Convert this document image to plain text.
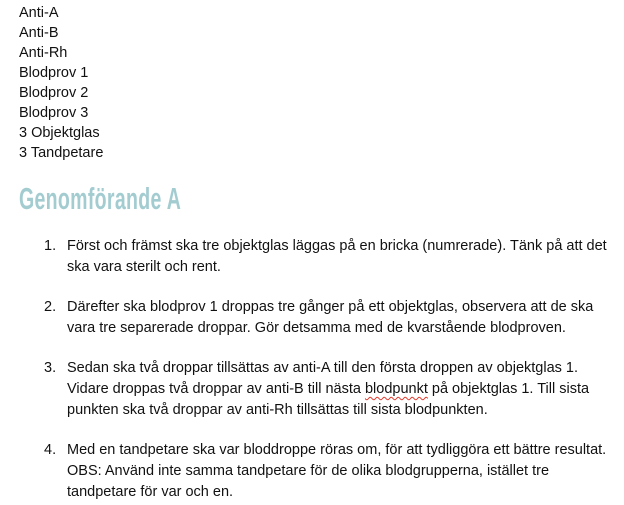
Anti-A
Anti-B
Anti-Rh
Blodprov 1
Blodprov 2
Blodprov 3
3 Objektglas
3 Tandpetare
Genomförande A
1. Först och främst ska tre objektglas läggas på en bricka (numrerade). Tänk på att det ska vara sterilt och rent.
2. Därefter ska blodprov 1 droppas tre gånger på ett objektglas, observera att de ska vara tre separerade droppar. Gör detsamma med de kvarstående blodproven.
3. Sedan ska två droppar tillsättas av anti-A till den första droppen av objektglas 1. Vidare droppas två droppar av anti-B till nästa blodpunkt på objektglas 1. Till sista punkten ska två droppar av anti-Rh tillsättas till sista blodpunkten.
4. Med en tandpetare ska var bloddroppe röras om, för att tydliggöra ett bättre resultat. OBS: Använd inte samma tandpetare för de olika blodgrupperna, istället tre tandpetare för var och en.
